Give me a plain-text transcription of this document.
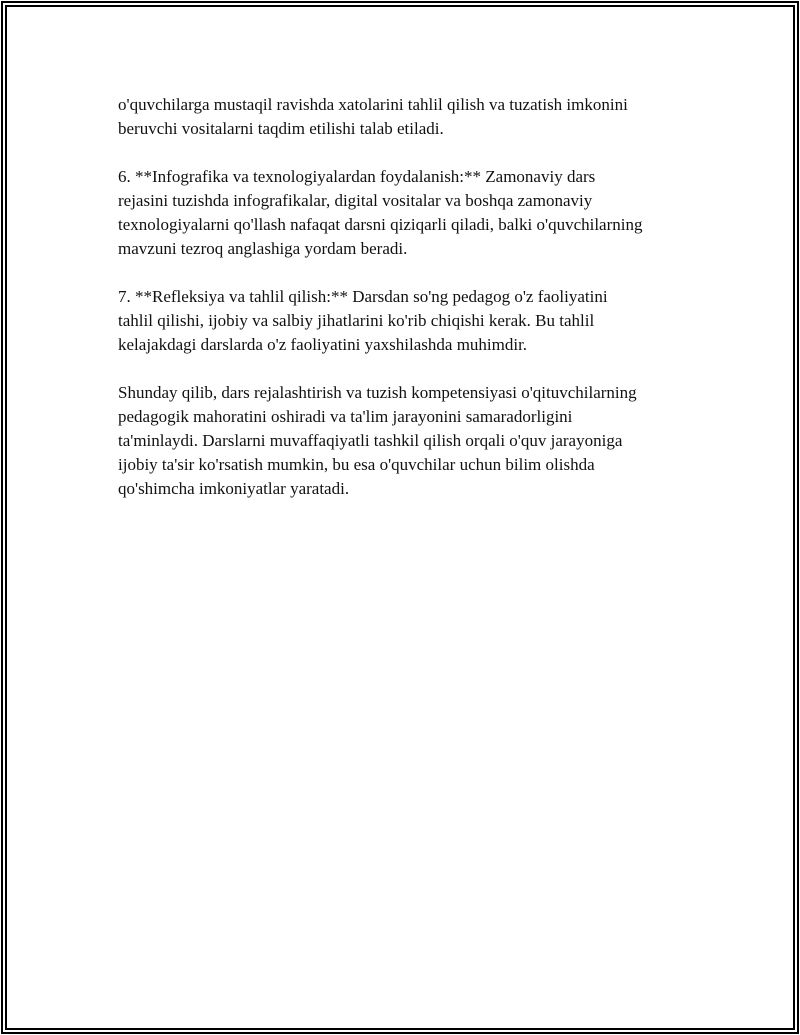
o'quvchilarga mustaqil ravishda xatolarini tahlil qilish va tuzatish imkonini
beruvchi vositalarni taqdim etilishi talab etiladi.

6. **Infografika va texnologiyalardan foydalanish:** Zamonaviy dars
rejasini tuzishda infografikalar, digital vositalar va boshqa zamonaviy
texnologiyalarni qo'llash nafaqat darsni qiziqarli qiladi, balki o'quvchilarning
mavzuni tezroq anglashiga yordam beradi.

7. **Refleksiya va tahlil qilish:** Darsdan so'ng pedagog o'z faoliyatini
tahlil qilishi, ijobiy va salbiy jihatlarini ko'rib chiqishi kerak. Bu tahlil
kelajakdagi darslarda o'z faoliyatini yaxshilashda muhimdir.

Shunday qilib, dars rejalashtirish va tuzish kompetensiyasi o'qituvchilarning
pedagogik mahoratini oshiradi va ta'lim jarayonini samaradorligini
ta'minlaydi. Darslarni muvaffaqiyatli tashkil qilish orqali o'quv jarayoniga
ijobiy ta'sir ko'rsatish mumkin, bu esa o'quvchilar uchun bilim olishda
qo'shimcha imkoniyatlar yaratadi.
